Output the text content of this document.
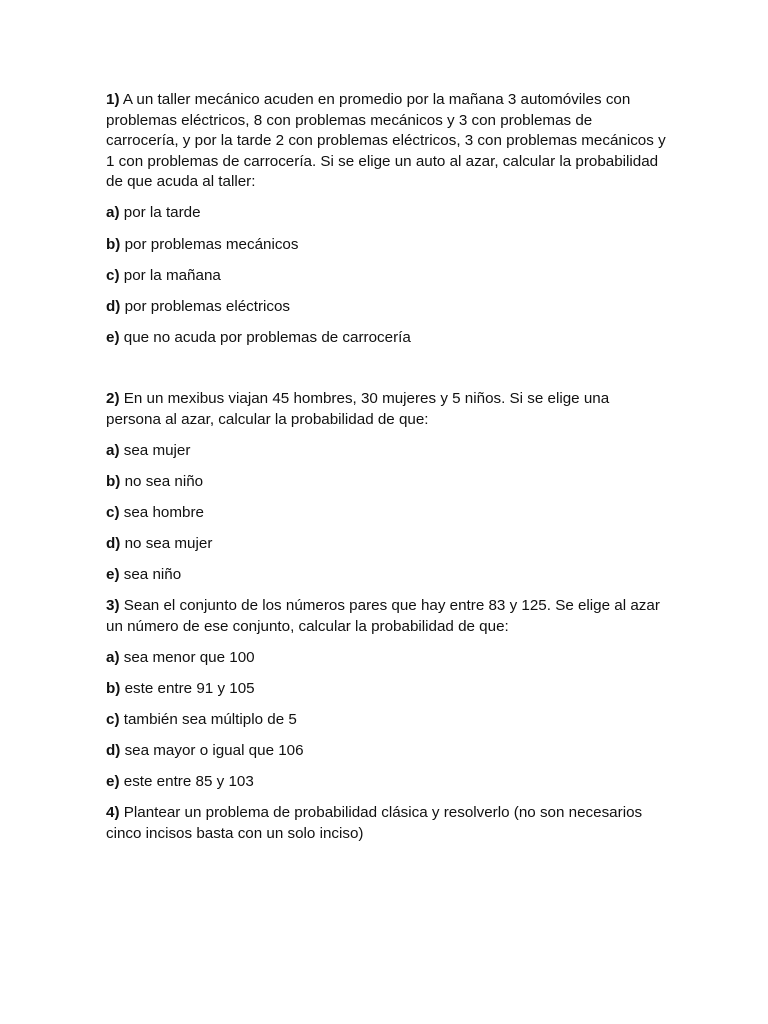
1) A un taller mecánico acuden en promedio por la mañana 3 automóviles con problemas eléctricos, 8 con problemas mecánicos y 3 con problemas de carrocería, y por la tarde 2 con problemas eléctricos, 3 con problemas mecánicos y 1 con problemas de carrocería. Si se elige un auto al azar, calcular la probabilidad de que acuda al taller:

a) por la tarde

b) por problemas mecánicos

c) por la mañana

d) por problemas eléctricos

e) que no acuda por problemas de carrocería

2) En un mexibus viajan 45 hombres, 30 mujeres y 5 niños. Si se elige una persona al azar, calcular la probabilidad de que:

a) sea mujer

b) no sea niño

c) sea hombre

d) no sea mujer

e) sea niño

3) Sean el conjunto de los números pares que hay entre 83 y 125. Se elige al azar un número de ese conjunto, calcular la probabilidad de que:

a) sea menor que 100

b) este entre 91 y 105

c) también sea múltiplo de 5

d) sea mayor o igual que 106

e) este entre 85 y 103

4) Plantear un problema de probabilidad clásica y resolverlo (no son necesarios cinco incisos basta con un solo inciso)
